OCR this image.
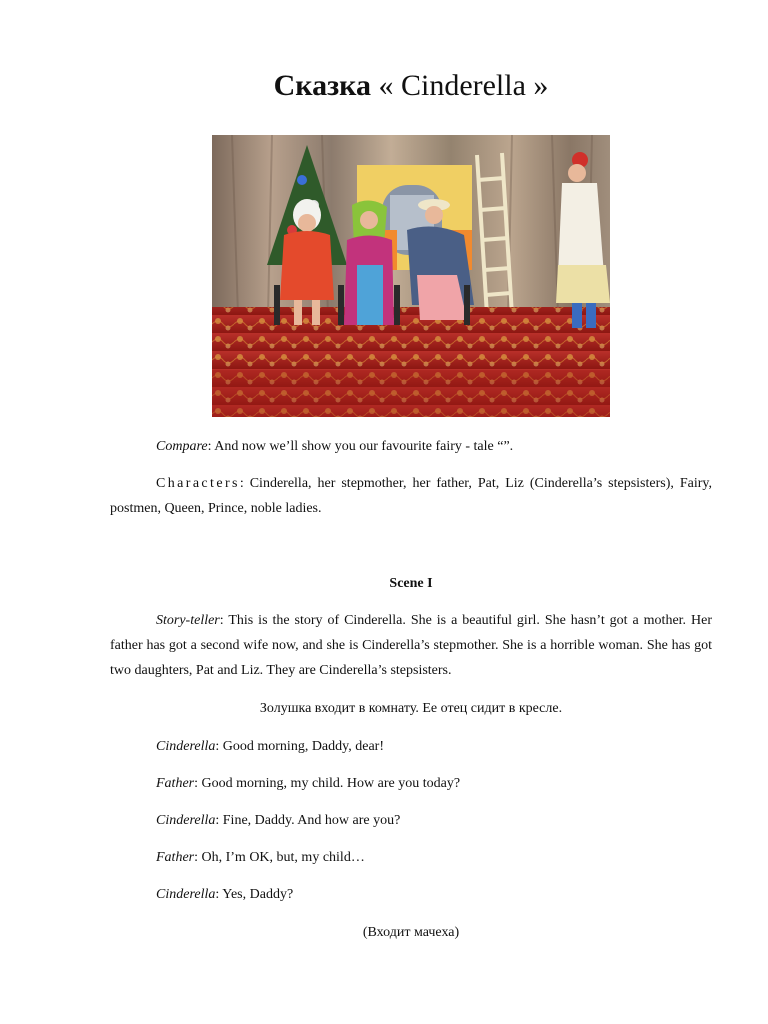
Сказка « Cinderella »

Compare: And now we’ll show you our favourite fairy - tale “”.

Characters: Cinderella, her stepmother, her father, Pat, Liz (Cinderella’s stepsisters), Fairy, postmen, Queen, Prince, noble ladies.

Scene I

Story-teller: This is the story of Cinderella. She is a beautiful girl. She hasn’t got a mother. Her father has got a second wife now, and she is Cinderella’s stepmother. She is a horrible woman. She has got two daughters, Pat and Liz. They are Cinderella’s stepsisters.

Золушка входит в комнату. Ее отец сидит в кресле.

Cinderella: Good morning, Daddy, dear!

Father: Good morning, my child. How are you today?

Cinderella: Fine, Daddy. And how are you?

Father: Oh, I’m OK, but, my child…

Cinderella: Yes, Daddy?

(Входит мачеха)
